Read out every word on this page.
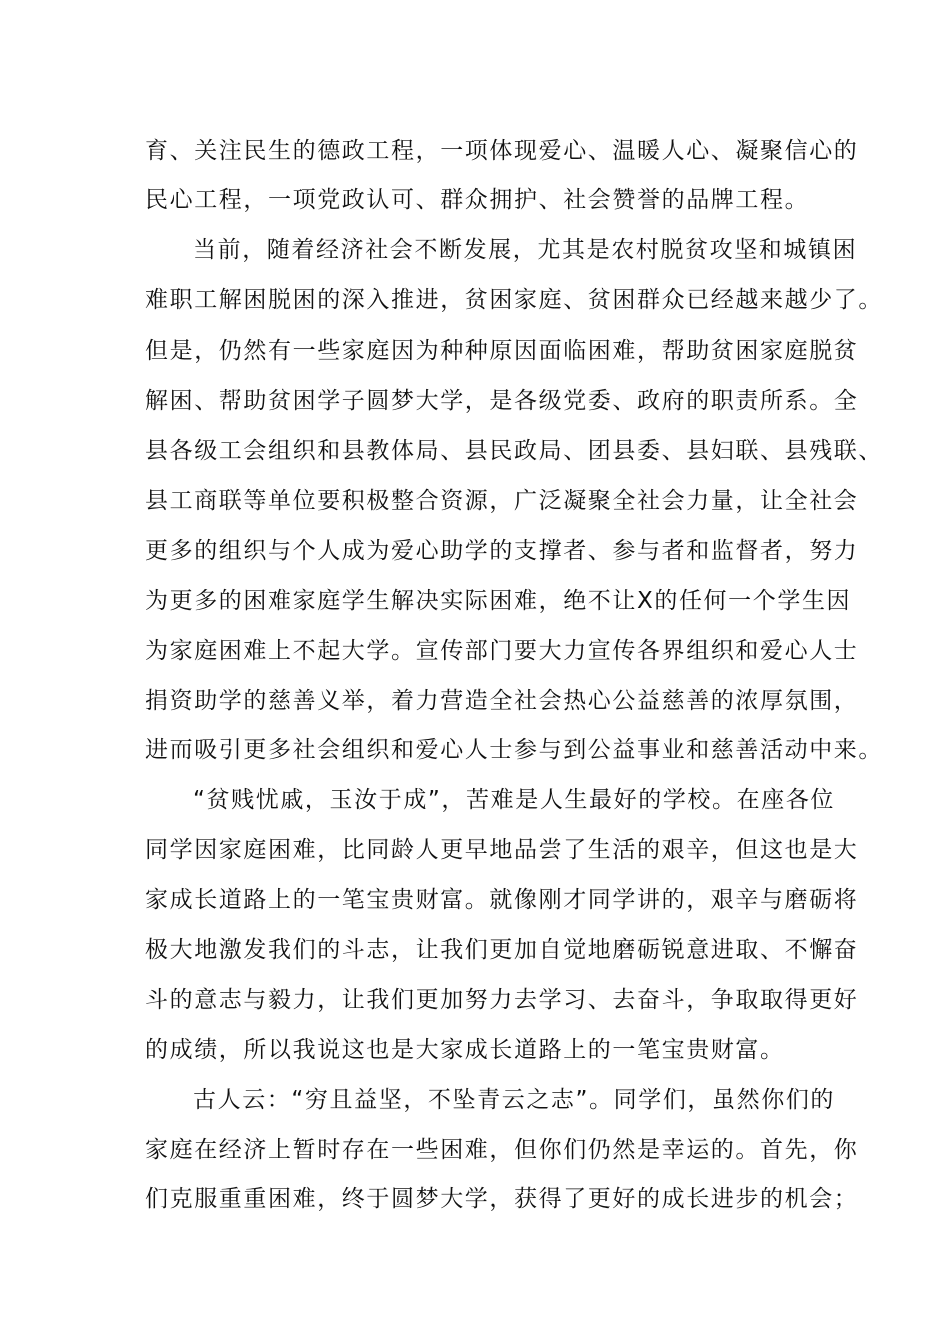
育、关注民生的德政工程，一项体现爱心、温暖人心、凝聚信心的
民心工程，一项党政认可、群众拥护、社会赞誉的品牌工程。
当前，随着经济社会不断发展，尤其是农村脱贫攻坚和城镇困
难职工解困脱困的深入推进，贫困家庭、贫困群众已经越来越少了。
但是，仍然有一些家庭因为种种原因面临困难，帮助贫困家庭脱贫
解困、帮助贫困学子圆梦大学，是各级党委、政府的职责所系。全
县各级工会组织和县教体局、县民政局、团县委、县妇联、县残联、
县工商联等单位要积极整合资源，广泛凝聚全社会力量，让全社会
更多的组织与个人成为爱心助学的支撑者、参与者和监督者，努力
为更多的困难家庭学生解决实际困难，绝不让X的任何一个学生因
为家庭困难上不起大学。宣传部门要大力宣传各界组织和爱心人士
捐资助学的慈善义举，着力营造全社会热心公益慈善的浓厚氛围，
进而吸引更多社会组织和爱心人士参与到公益事业和慈善活动中来。
“贫贱忧戚，玉汝于成”，苦难是人生最好的学校。在座各位
同学因家庭困难，比同龄人更早地品尝了生活的艰辛，但这也是大
家成长道路上的一笔宝贵财富。就像刚才同学讲的，艰辛与磨砺将
极大地激发我们的斗志，让我们更加自觉地磨砺锐意进取、不懈奋
斗的意志与毅力，让我们更加努力去学习、去奋斗，争取取得更好
的成绩，所以我说这也是大家成长道路上的一笔宝贵财富。
古人云：“穷且益坚，不坠青云之志”。同学们，虽然你们的
家庭在经济上暂时存在一些困难，但你们仍然是幸运的。首先，你
们克服重重困难，终于圆梦大学，获得了更好的成长进步的机会；
